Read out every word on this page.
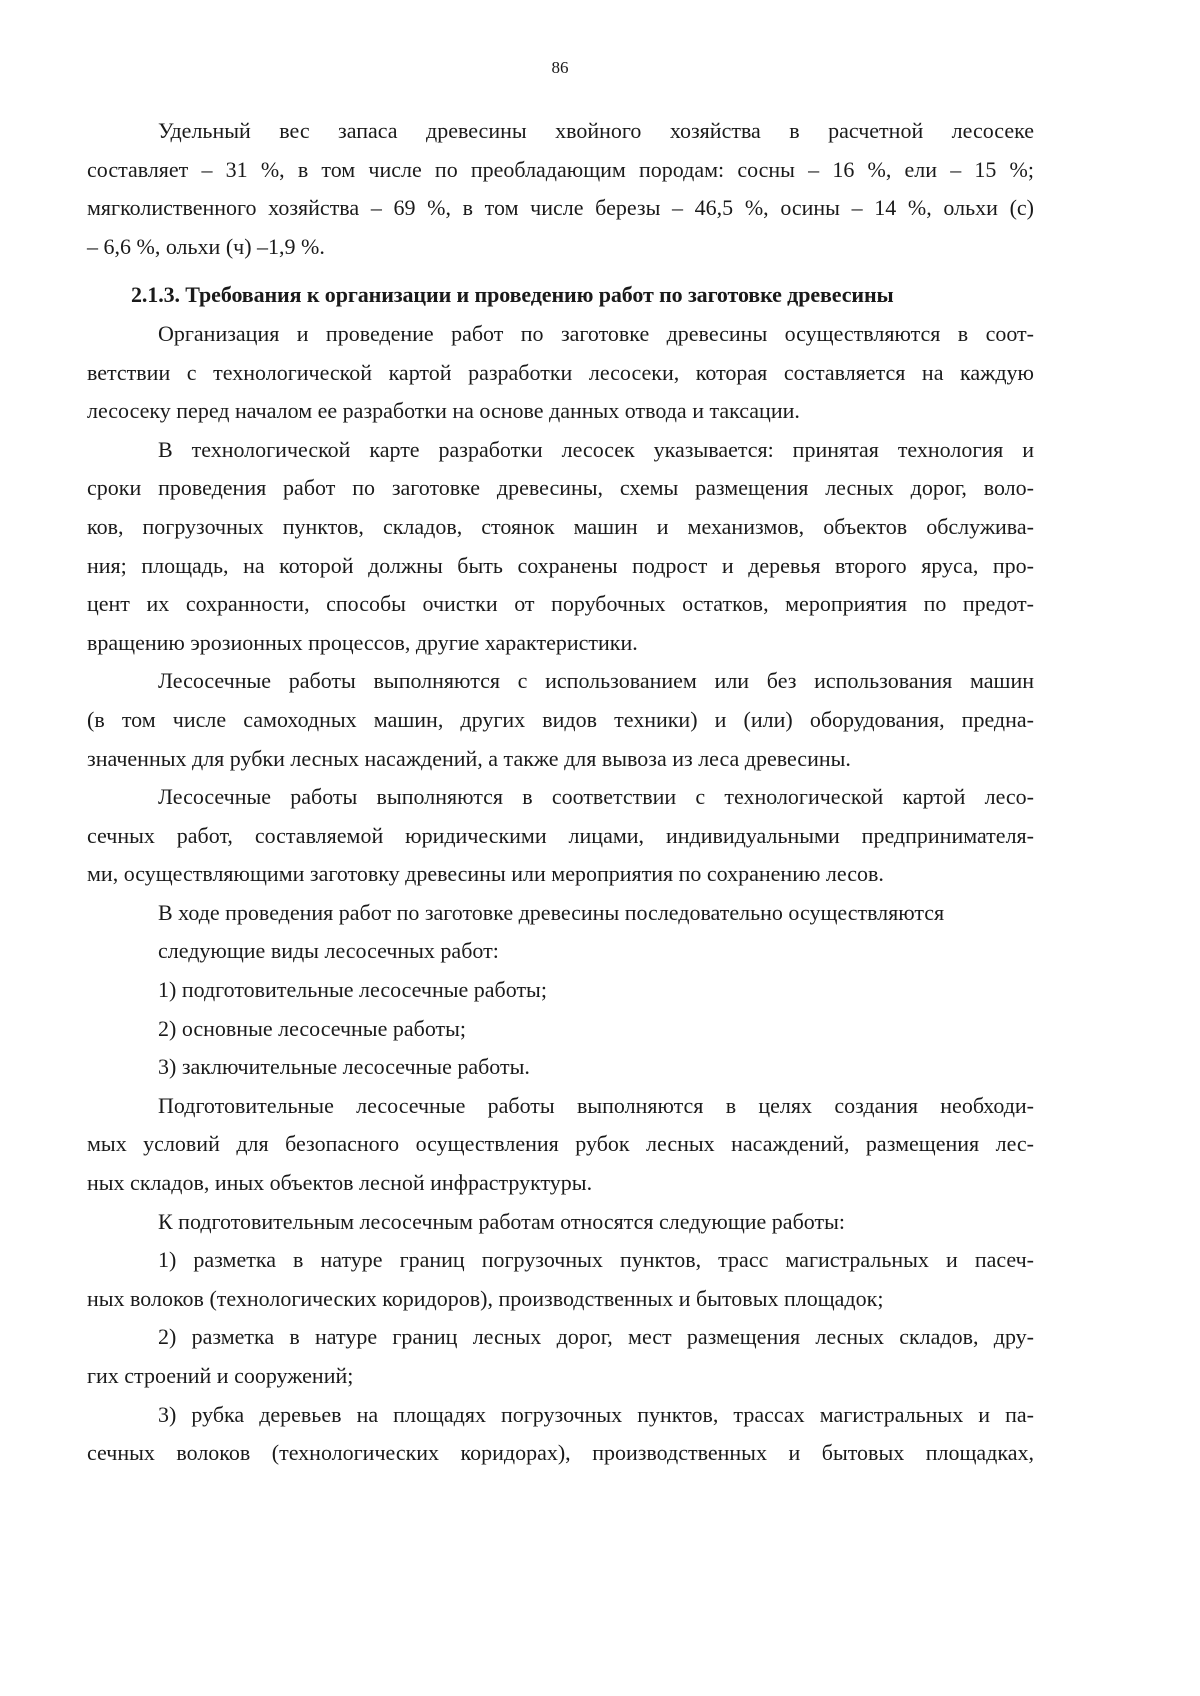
86

Удельный вес запаса древесины хвойного хозяйства в расчетной лесосеке
составляет – 31 %, в том числе по преобладающим породам: сосны – 16 %, ели – 15 %;
мягколиственного хозяйства – 69 %, в том числе березы – 46,5 %, осины – 14 %, ольхи (с)
– 6,6 %, ольхи (ч) –1,9 %.

2.1.3. Требования к организации и проведению работ по заготовке древесины

Организация и проведение работ по заготовке древесины осуществляются в соот-
ветствии с технологической картой разработки лесосеки, которая составляется на каждую
лесосеку перед началом ее разработки на основе данных отвода и таксации.

В технологической карте разработки лесосек указывается: принятая технология и
сроки проведения работ по заготовке древесины, схемы размещения лесных дорог, воло-
ков, погрузочных пунктов, складов, стоянок машин и механизмов, объектов обслужива-
ния; площадь, на которой должны быть сохранены подрост и деревья второго яруса, про-
цент их сохранности, способы очистки от порубочных остатков, мероприятия по предот-
вращению эрозионных процессов, другие характеристики.

Лесосечные работы выполняются с использованием или без использования машин
(в том числе самоходных машин, других видов техники) и (или) оборудования, предна-
значенных для рубки лесных насаждений, а также для вывоза из леса древесины.

Лесосечные работы выполняются в соответствии с технологической картой лесо-
сечных работ, составляемой юридическими лицами, индивидуальными предпринимателя-
ми, осуществляющими заготовку древесины или мероприятия по сохранению лесов.

В ходе проведения работ по заготовке древесины последовательно осуществляются
следующие виды лесосечных работ:

1) подготовительные лесосечные работы;
2) основные лесосечные работы;
3) заключительные лесосечные работы.

Подготовительные лесосечные работы выполняются в целях создания необходи-
мых условий для безопасного осуществления рубок лесных насаждений, размещения лес-
ных складов, иных объектов лесной инфраструктуры.

К подготовительным лесосечным работам относятся следующие работы:

1) разметка в натуре границ погрузочных пунктов, трасс магистральных и пасеч-
ных волоков (технологических коридоров), производственных и бытовых площадок;

2) разметка в натуре границ лесных дорог, мест размещения лесных складов, дру-
гих строений и сооружений;

3) рубка деревьев на площадях погрузочных пунктов, трассах магистральных и па-
сечных волоков (технологических коридорах), производственных и бытовых площадках,
